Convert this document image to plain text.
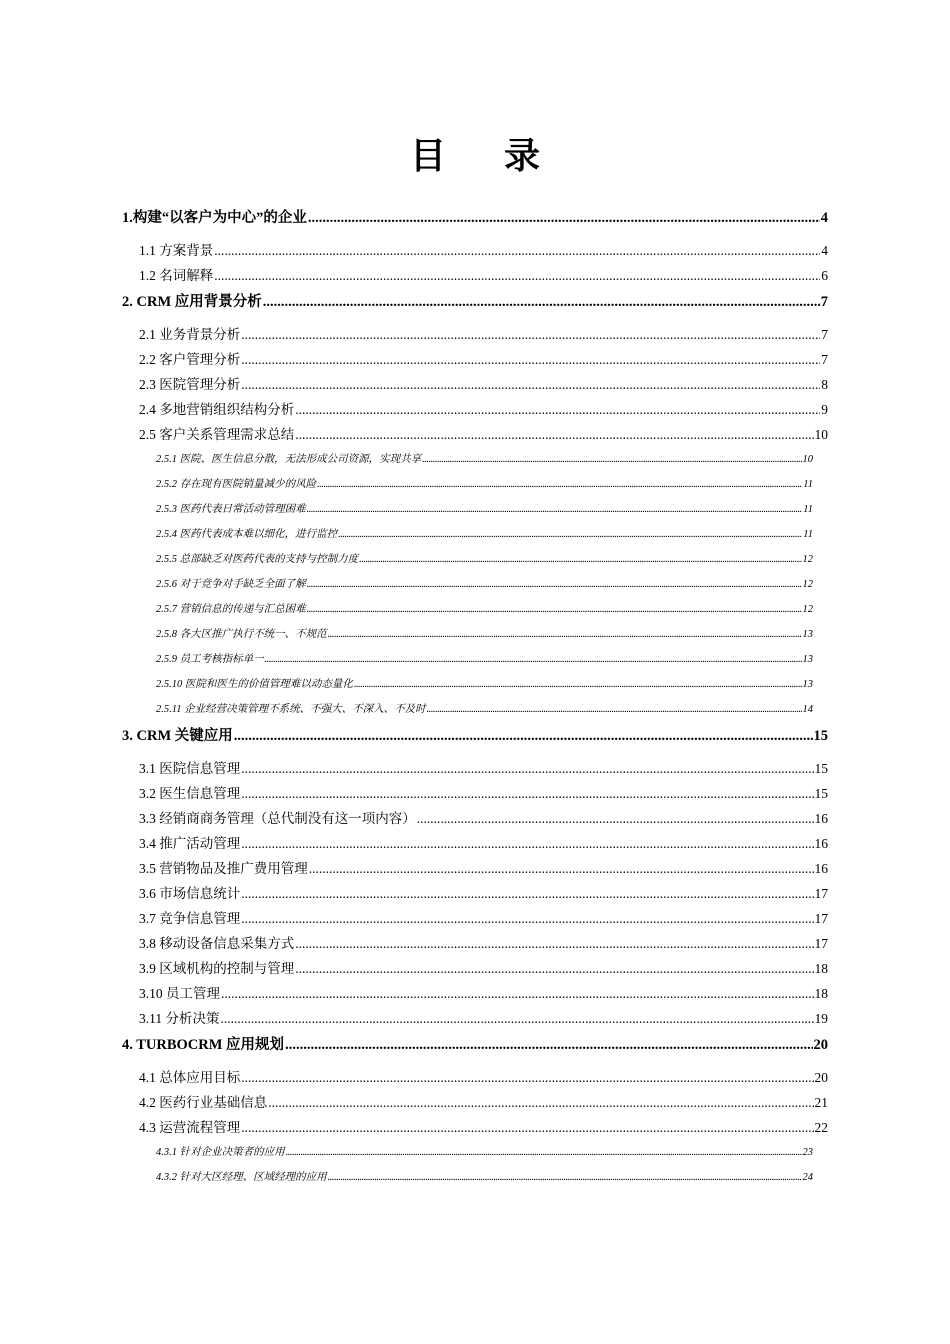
目 录
1.构建“以客户为中心”的企业 .....	4
1.1 方案背景 .....	4
1.2 名词解释 .....	6
2. CRM 应用背景分析 .....	7
2.1 业务背景分析 .....	7
2.2 客户管理分析 .....	7
2.3 医院管理分析 .....	8
2.4 多地营销组织结构分析 .....	9
2.5 客户关系管理需求总结 .....	10
2.5.1 医院、医生信息分散，无法形成公司资源，实现共享 .....	10
2.5.2 存在现有医院销量减少的风险 .....	11
2.5.3 医药代表日常活动管理困难 .....	11
2.5.4 医药代表成本难以细化，进行监控 .....	11
2.5.5 总部缺乏对医药代表的支持与控制力度 .....	12
2.5.6 对于竞争对手缺乏全面了解 .....	12
2.5.7 营销信息的传递与汇总困难 .....	12
2.5.8 各大区推广执行不统一、不规范 .....	13
2.5.9 员工考核指标单一 .....	13
2.5.10 医院和医生的价值管理难以动态量化 .....	13
2.5.11 企业经营决策管理不系统、不强大、不深入、不及时 .....	14
3. CRM 关键应用 .....	15
3.1 医院信息管理 .....	15
3.2 医生信息管理 .....	15
3.3 经销商商务管理（总代制没有这一项内容） .....	16
3.4 推广活动管理 .....	16
3.5 营销物品及推广费用管理 .....	16
3.6 市场信息统计 .....	17
3.7 竞争信息管理 .....	17
3.8 移动设备信息采集方式 .....	17
3.9 区域机构的控制与管理 .....	18
3.10 员工管理 .....	18
3.11 分析决策 .....	19
4. TURBOCRM 应用规划 .....	20
4.1 总体应用目标 .....	20
4.2 医药行业基础信息 .....	21
4.3 运营流程管理 .....	22
4.3.1 针对企业决策者的应用 .....	23
4.3.2 针对大区经理、区域经理的应用 .....	24
